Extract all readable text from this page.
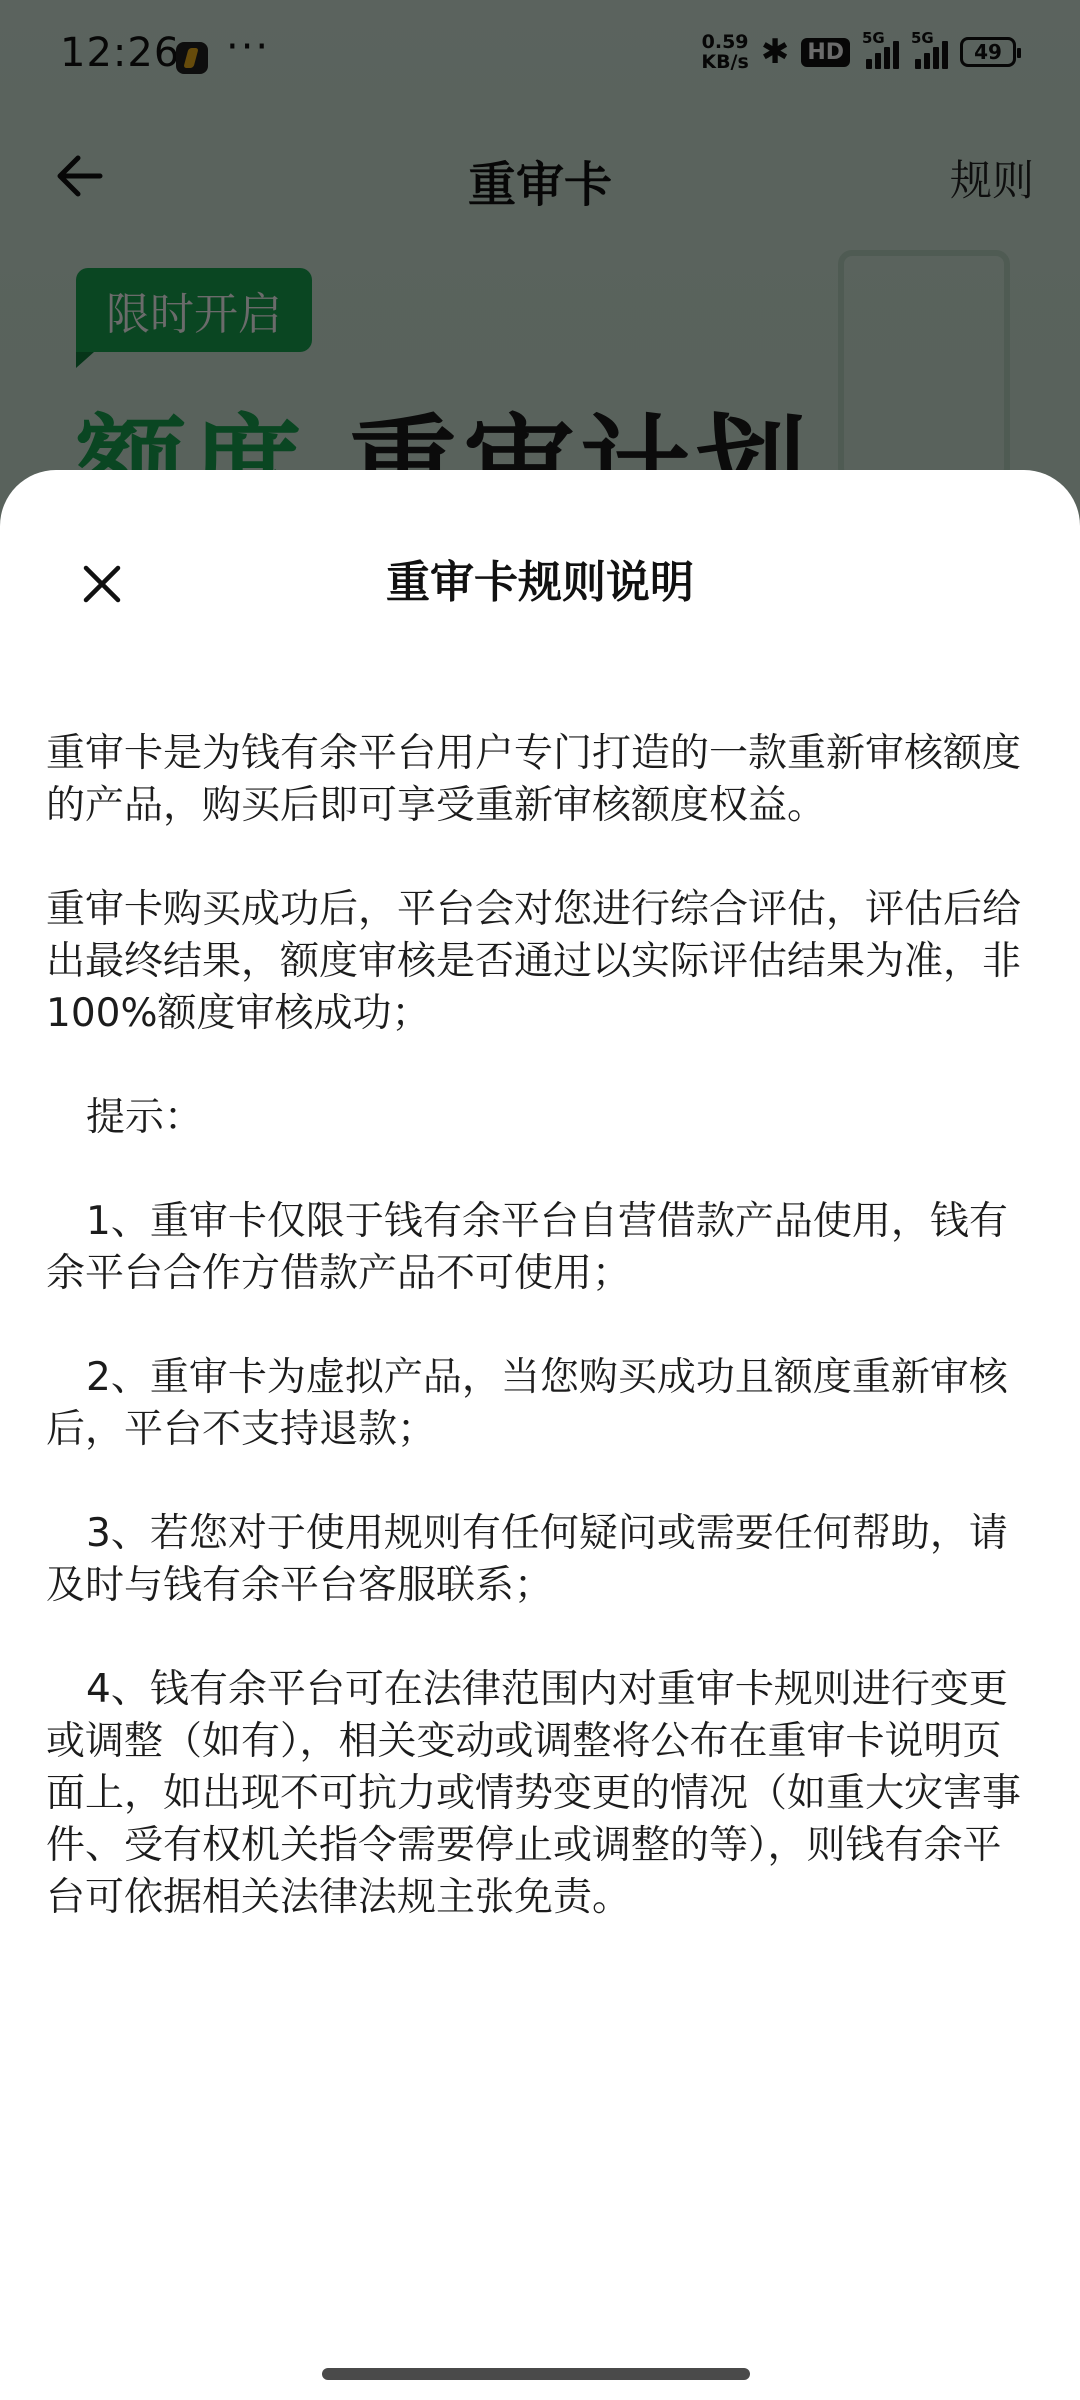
重审卡规则说明

重审卡是为钱有余平台用户专门打造的一款重新审核额度的产品，购买后即可享受重新审核额度权益。

重审卡购买成功后，平台会对您进行综合评估，评估后给出最终结果，额度审核是否通过以实际评估结果为准，非100%额度审核成功；

提示：

1、重审卡仅限于钱有余平台自营借款产品使用，钱有余平台合作方借款产品不可使用；

2、重审卡为虚拟产品，当您购买成功且额度重新审核后，平台不支持退款；

3、若您对于使用规则有任何疑问或需要任何帮助，请及时与钱有余平台客服联系；

4、钱有余平台可在法律范围内对重审卡规则进行变更或调整（如有），相关变动或调整将公布在重审卡说明页面上，如出现不可抗力或情势变更的情况（如重大灾害事件、受有权机关指令需要停止或调整的等），则钱有余平台可依据相关法律法规主张免责。
